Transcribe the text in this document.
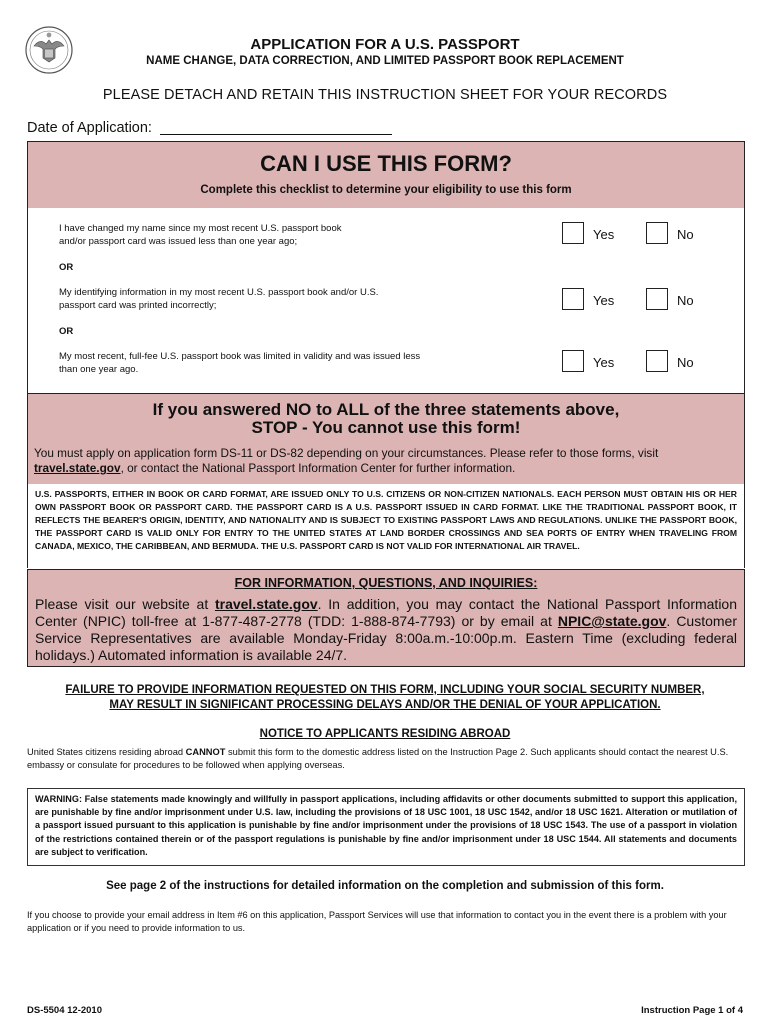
APPLICATION FOR A U.S. PASSPORT
NAME CHANGE, DATA CORRECTION, AND LIMITED PASSPORT BOOK REPLACEMENT
PLEASE DETACH AND RETAIN THIS INSTRUCTION SHEET FOR YOUR RECORDS
Date of Application:
CAN I USE THIS FORM?
Complete this checklist to determine your eligibility to use this form
I have changed my name since my most recent U.S. passport book
and/or passport card was issued less than one year ago;	Yes	No
OR
My identifying information in my most recent U.S. passport book and/or U.S.
passport card was printed incorrectly;	Yes	No
OR
My most recent, full-fee U.S. passport book was limited in validity and was issued less
than one year ago.	Yes	No
If you answered NO to ALL of the three statements above,
STOP - You cannot use this form!
You must apply on application form DS-11 or DS-82 depending on your circumstances. Please refer to those forms, visit travel.state.gov, or contact the National Passport Information Center for further information.
U.S. PASSPORTS, EITHER IN BOOK OR CARD FORMAT, ARE ISSUED ONLY TO U.S. CITIZENS OR NON-CITIZEN NATIONALS. EACH PERSON MUST OBTAIN HIS OR HER OWN PASSPORT BOOK OR PASSPORT CARD. THE PASSPORT CARD IS A U.S. PASSPORT ISSUED IN CARD FORMAT. LIKE THE TRADITIONAL PASSPORT BOOK, IT REFLECTS THE BEARER'S ORIGIN, IDENTITY, AND NATIONALITY AND IS SUBJECT TO EXISTING PASSPORT LAWS AND REGULATIONS. UNLIKE THE PASSPORT BOOK, THE PASSPORT CARD IS VALID ONLY FOR ENTRY TO THE UNITED STATES AT LAND BORDER CROSSINGS AND SEA PORTS OF ENTRY WHEN TRAVELING FROM CANADA, MEXICO, THE CARIBBEAN, AND BERMUDA. THE U.S. PASSPORT CARD IS NOT VALID FOR INTERNATIONAL AIR TRAVEL.
FOR INFORMATION, QUESTIONS, AND INQUIRIES:
Please visit our website at travel.state.gov. In addition, you may contact the National Passport Information Center (NPIC) toll-free at 1-877-487-2778 (TDD: 1-888-874-7793) or by email at NPIC@state.gov. Customer Service Representatives are available Monday-Friday 8:00a.m.-10:00p.m. Eastern Time (excluding federal holidays.) Automated information is available 24/7.
FAILURE TO PROVIDE INFORMATION REQUESTED ON THIS FORM, INCLUDING YOUR SOCIAL SECURITY NUMBER,
MAY RESULT IN SIGNIFICANT PROCESSING DELAYS AND/OR THE DENIAL OF YOUR APPLICATION.
NOTICE TO APPLICANTS RESIDING ABROAD
United States citizens residing abroad CANNOT submit this form to the domestic address listed on the Instruction Page 2. Such applicants should contact the nearest U.S. embassy or consulate for procedures to be followed when applying overseas.
WARNING: False statements made knowingly and willfully in passport applications, including affidavits or other documents submitted to support this application, are punishable by fine and/or imprisonment under U.S. law, including the provisions of 18 USC 1001, 18 USC 1542, and/or 18 USC 1621. Alteration or mutilation of a passport issued pursuant to this application is punishable by fine and/or imprisonment under the provisions of 18 USC 1543. The use of a passport in violation of the restrictions contained therein or of the passport regulations is punishable by fine and/or imprisonment under 18 USC 1544. All statements and documents are subject to verification.
See page 2 of the instructions for detailed information on the completion and submission of this form.
If you choose to provide your email address in Item #6 on this application, Passport Services will use that information to contact you in the event there is a problem with your application or if you need to provide information to us.
DS-5504 12-2010	Instruction Page 1 of 4
